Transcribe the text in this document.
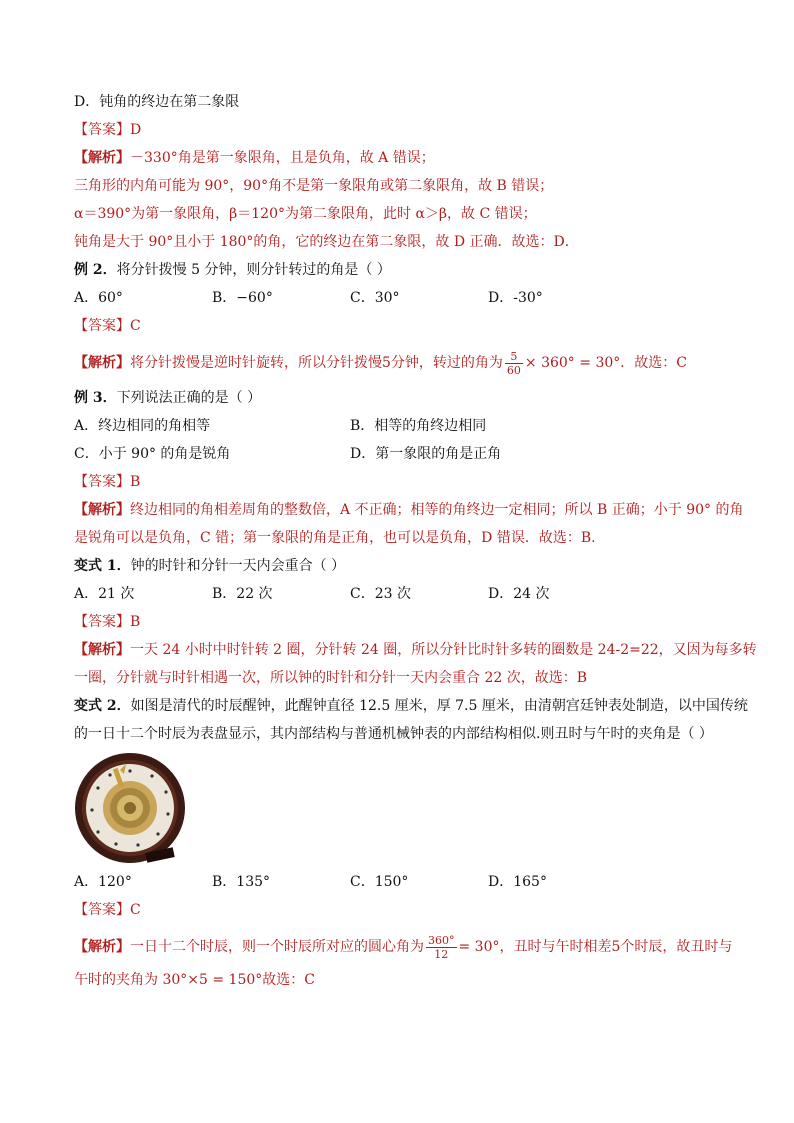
D．钝角的终边在第二象限
【答案】D
【解析】－330°角是第一象限角，且是负角，故 A 错误；
三角形的内角可能为 90°，90°角不是第一象限角或第二象限角，故 B 错误；
α＝390°为第一象限角，β＝120°为第二象限角，此时 α＞β，故 C 错误；
钝角是大于 90°且小于 180°的角，它的终边在第二象限，故 D 正确．故选：D．
例 2．将分针拨慢 5 分钟，则分针转过的角是（ ）
A．60°	B．−60°	C．30°	D．-30°
【答案】C
【解析】将分针拨慢是逆时针旋转，所以分针拨慢5分钟，转过的角为 $\frac{5}{60} \times 360^\circ = 30^\circ$．故选：C
例 3．下列说法正确的是（ ）
A．终边相同的角相等	B．相等的角终边相同
C．小于 90° 的角是锐角	D．第一象限的角是正角
【答案】B
【解析】终边相同的角相差周角的整数倍，A 不正确；相等的角终边一定相同；所以 B 正确；小于 90° 的角
是锐角可以是负角，C 错；第一象限的角是正角，也可以是负角，D 错误．故选：B.
变式 1．钟的时针和分针一天内会重合（ ）
A．21 次	B．22 次	C．23 次	D．24 次
【答案】B
【解析】一天 24 小时中时针转 2 圈，分针转 24 圈，所以分针比时针多转的圈数是 24-2=22，又因为每多转
一圈，分针就与时针相遇一次，所以钟的时针和分针一天内会重合 22 次，故选：B
变式 2．如图是清代的时辰醒钟，此醒钟直径 12.5 厘米，厚 7.5 厘米，由清朝宫廷钟表处制造，以中国传统
的一日十二个时辰为表盘显示，其内部结构与普通机械钟表的内部结构相似.则丑时与午时的夹角是（ ）
A．120°	B．135°	C．150°	D．165°
【答案】C
【解析】一日十二个时辰，则一个时辰所对应的圆心角为 $\frac{360^\circ}{12} = 30^\circ$，丑时与午时相差5个时辰，故丑时与
午时的夹角为 30°×5 = 150°故选：C
